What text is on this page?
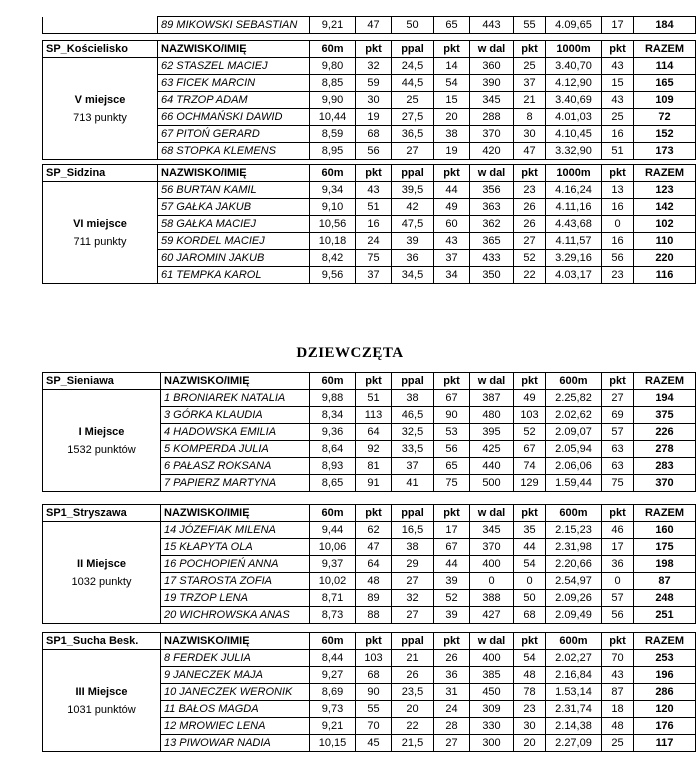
	89 MIKOWSKI SEBASTIAN	9,21	47	50	65	443	55	4.09,65	17	184
SP_Kościelisko	NAZWISKO/IMIĘ	60m	pkt	ppal	pkt	w dal	pkt	1000m	pkt	RAZEM

V miejsce
713 punkty	62 STASZEL MACIEJ	9,80	32	24,5	14	360	25	3.40,70	43	114
	63 FICEK MARCIN	8,85	59	44,5	54	390	37	4.12,90	15	165
	64 TRZOP ADAM	9,90	30	25	15	345	21	3.40,69	43	109
	66 OCHMAŃSKI DAWID	10,44	19	27,5	20	288	8	4.01,03	25	72
	67 PITOŃ GERARD	8,59	68	36,5	38	370	30	4.10,45	16	152
	68 STOPKA KLEMENS	8,95	56	27	19	420	47	3.32,90	51	173
SP_Sidzina	NAZWISKO/IMIĘ	60m	pkt	ppal	pkt	w dal	pkt	1000m	pkt	RAZEM

VI miejsce
711 punkty	56 BURTAN KAMIL	9,34	43	39,5	44	356	23	4.16,24	13	123
	57 GAŁKA JAKUB	9,10	51	42	49	363	26	4.11,16	16	142
	58 GAŁKA MACIEJ	10,56	16	47,5	60	362	26	4.43,68	0	102
	59 KORDEL MACIEJ	10,18	24	39	43	365	27	4.11,57	16	110
	60 JAROMIN JAKUB	8,42	75	36	37	433	52	3.29,16	56	220
	61 TEMPKA KAROL	9,56	37	34,5	34	350	22	4.03,17	23	116
DZIEWCZĘTA
SP_Sieniawa	NAZWISKO/IMIĘ	60m	pkt	ppal	pkt	w dal	pkt	600m	pkt	RAZEM

I Miejsce
1532 punktów	1 BRONIAREK NATALIA	9,88	51	38	67	387	49	2.25,82	27	194
	3 GÓRKA KLAUDIA	8,34	113	46,5	90	480	103	2.02,62	69	375
	4 HADOWSKA EMILIA	9,36	64	32,5	53	395	52	2.09,07	57	226
	5 KOMPERDA JULIA	8,64	92	33,5	56	425	67	2.05,94	63	278
	6 PAŁASZ ROKSANA	8,93	81	37	65	440	74	2.06,06	63	283
	7 PAPIERZ MARTYNA	8,65	91	41	75	500	129	1.59,44	75	370
SP1_Stryszawa	NAZWISKO/IMIĘ	60m	pkt	ppal	pkt	w dal	pkt	600m	pkt	RAZEM

II Miejsce
1032 punkty	14 JÓZEFIAK MILENA	9,44	62	16,5	17	345	35	2.15,23	46	160
	15 KŁAPYTA OLA	10,06	47	38	67	370	44	2.31,98	17	175
	16 POCHOPIEŃ ANNA	9,37	64	29	44	400	54	2.20,66	36	198
	17 STAROSTA ZOFIA	10,02	48	27	39	0	0	2.54,97	0	87
	19 TRZOP LENA	8,71	89	32	52	388	50	2.09,26	57	248
	20 WICHROWSKA ANAS	8,73	88	27	39	427	68	2.09,49	56	251
SP1_Sucha Besk.	NAZWISKO/IMIĘ	60m	pkt	ppal	pkt	w dal	pkt	600m	pkt	RAZEM

III Miejsce
1031 punktów	8 FERDEK JULIA	8,44	103	21	26	400	54	2.02,27	70	253
	9 JANECZEK MAJA	9,27	68	26	36	385	48	2.16,84	43	196
	10 JANECZEK WERONIK	8,69	90	23,5	31	450	78	1.53,14	87	286
	11 BAŁOS MAGDA	9,73	55	20	24	309	23	2.31,74	18	120
	12 MROWIEC LENA	9,21	70	22	28	330	30	2.14,38	48	176
	13 PIWOWAR NADIA	10,15	45	21,5	27	300	20	2.27,09	25	117
